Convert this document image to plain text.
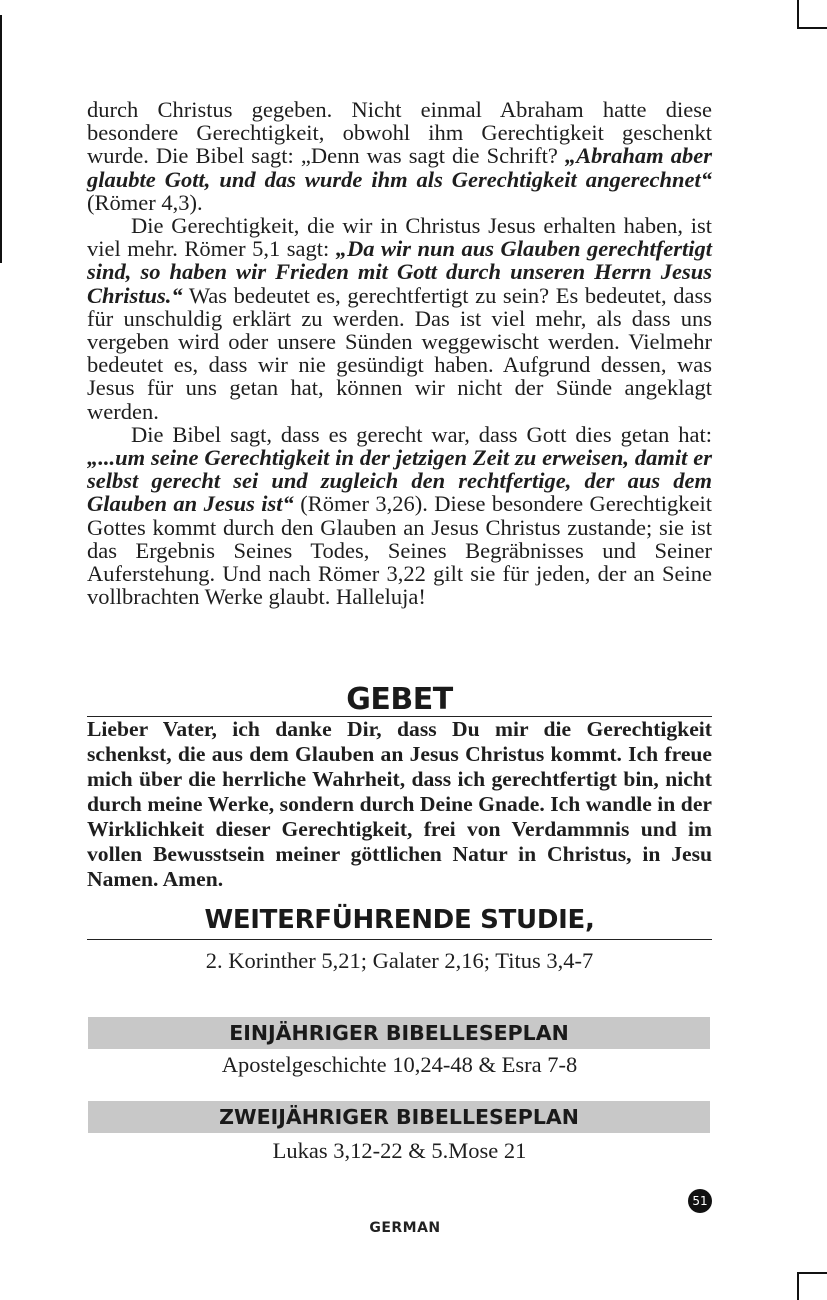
durch Christus gegeben. Nicht einmal Abraham hatte diese besondere Gerechtigkeit, obwohl ihm Gerechtigkeit geschenkt wurde. Die Bibel sagt: „Denn was sagt die Schrift? „Abraham aber glaubte Gott, und das wurde ihm als Gerechtigkeit angerechnet“ (Römer 4,3).

Die Gerechtigkeit, die wir in Christus Jesus erhalten haben, ist viel mehr. Römer 5,1 sagt: „Da wir nun aus Glauben gerechtfertigt sind, so haben wir Frieden mit Gott durch unseren Herrn Jesus Christus.“ Was bedeutet es, gerechtfertigt zu sein? Es bedeutet, dass für unschuldig erklärt zu werden. Das ist viel mehr, als dass uns vergeben wird oder unsere Sünden weggewischt werden. Vielmehr bedeutet es, dass wir nie gesündigt haben. Aufgrund dessen, was Jesus für uns getan hat, können wir nicht der Sünde angeklagt werden.

Die Bibel sagt, dass es gerecht war, dass Gott dies getan hat: „...um seine Gerechtigkeit in der jetzigen Zeit zu erweisen, damit er selbst gerecht sei und zugleich den rechtfertige, der aus dem Glauben an Jesus ist“ (Römer 3,26). Diese besondere Gerechtigkeit Gottes kommt durch den Glauben an Jesus Christus zustande; sie ist das Ergebnis Seines Todes, Seines Begräbnisses und Seiner Auferstehung. Und nach Römer 3,22 gilt sie für jeden, der an Seine vollbrachten Werke glaubt. Halleluja!

GEBET
Lieber Vater, ich danke Dir, dass Du mir die Gerechtigkeit schenkst, die aus dem Glauben an Jesus Christus kommt. Ich freue mich über die herrliche Wahrheit, dass ich gerechtfertigt bin, nicht durch meine Werke, sondern durch Deine Gnade. Ich wandle in der Wirklichkeit dieser Gerechtigkeit, frei von Verdammnis und im vollen Bewusstsein meiner göttlichen Natur in Christus, in Jesu Namen. Amen.
WEITERFÜHRENDE STUDIE,
2. Korinther 5,21; Galater 2,16; Titus 3,4-7
EINJÄHRIGER BIBELLESEPLAN
Apostelgeschichte 10,24-48 & Esra 7-8
ZWEIJÄHRIGER BIBELLESEPLAN
Lukas 3,12-22 & 5.Mose 21
51
GERMAN
